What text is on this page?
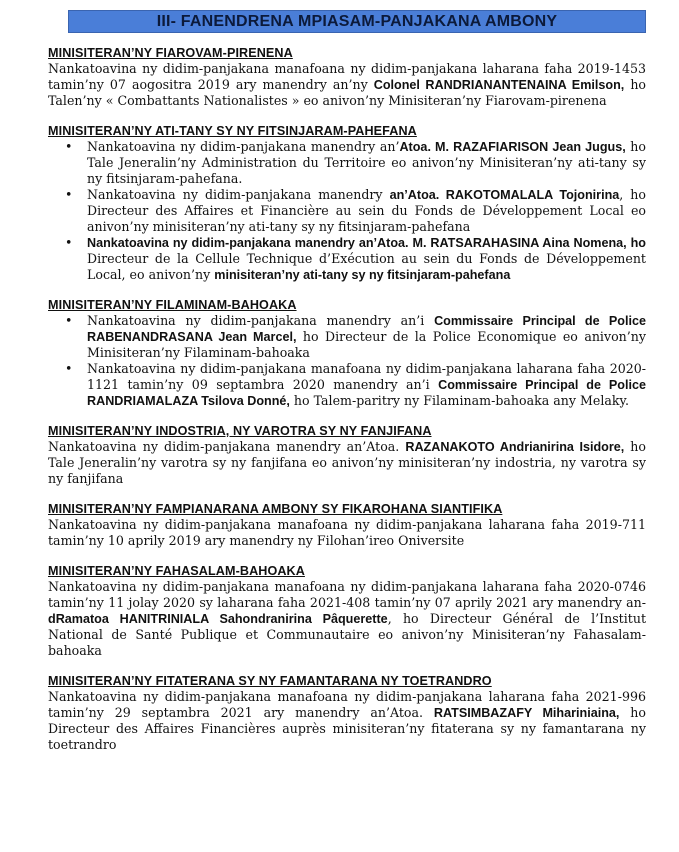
III- FANENDRENA MPIASAM-PANJAKANA AMBONY
MINISITERAN’NY FIAROVAM-PIRENENA
Nankatoavina ny didim-panjakana manafoana ny didim-panjakana laharana faha 2019-1453 tamin’ny 07 aogositra 2019 ary manendry an’ny Colonel RANDRIANANTENAINA Emilson, ho Talen’ny « Combattants Nationalistes » eo anivon’ny Minisiteran’ny Fiarovam-pirenena
MINISITERAN’NY ATI-TANY SY NY FITSINJARAM-PAHEFANA
• Nankatoavina ny didim-panjakana manendry an’Atoa. M. RAZAFIARISON Jean Jugus, ho Tale Jeneralin’ny Administration du Territoire eo anivon’ny Minisiteran’ny ati-tany sy ny fitsinjaram-pahefana.
• Nankatoavina ny didim-panjakana manendry an’Atoa. RAKOTOMALALA Tojonirina, ho Directeur des Affaires et Financière au sein du Fonds de Développement Local eo anivon’ny minisiteran’ny ati-tany sy ny fitsinjaram-pahefana
• Nankatoavina ny didim-panjakana manendry an’Atoa. M. RATSARAHASINA Aina Nomena, ho Directeur de la Cellule Technique d’Exécution au sein du Fonds de Développement Local, eo anivon’ny minisiteran’ny ati-tany sy ny fitsinjaram-pahefana
MINISITERAN’NY FILAMINAM-BAHOAKA
• Nankatoavina ny didim-panjakana manendry an’i Commissaire Principal de Police RABENANDRASANA Jean Marcel, ho Directeur de la Police Economique eo anivon’ny Minisiteran’ny Filaminam-bahoaka
• Nankatoavina ny didim-panjakana manafoana ny didim-panjakana laharana faha 2020-1121 tamin’ny 09 septambra 2020 manendry an’i Commissaire Principal de Police RANDRIAMALAZA Tsilova Donné, ho Talem-paritry ny Filaminam-bahoaka any Melaky.
MINISITERAN’NY INDOSTRIA, NY VAROTRA SY NY FANJIFANA
Nankatoavina ny didim-panjakana manendry an’Atoa. RAZANAKOTO Andrianirina Isidore, ho Tale Jeneralin’ny varotra sy ny fanjifana eo anivon’ny minisiteran’ny indostria, ny varotra sy ny fanjifana
MINISITERAN’NY FAMPIANARANA AMBONY SY FIKAROHANA SIANTIFIKA
Nankatoavina ny didim-panjakana manafoana ny didim-panjakana laharana faha 2019-711 tamin’ny 10 aprily 2019 ary manendry ny Filohan’ireo Oniversite
MINISITERAN’NY FAHASALAM-BAHOAKA
Nankatoavina ny didim-panjakana manafoana ny didim-panjakana laharana faha 2020-0746 tamin’ny 11 jolay 2020 sy laharana faha 2021-408 tamin’ny 07 aprily 2021 ary manendry an-dRamatoa HANITRINIALA Sahondranirina Pâquerette, ho Directeur Général de l’Institut National de Santé Publique et Communautaire eo anivon’ny Minisiteran’ny Fahasalam-bahoaka
MINISITERAN’NY FITATERANA SY NY FAMANTARANA NY TOETRANDRO
Nankatoavina ny didim-panjakana manafoana ny didim-panjakana laharana faha 2021-996 tamin’ny 29 septambra 2021 ary manendry an’Atoa. RATSIMBAZAFY Mihariniaina, ho Directeur des Affaires Financières auprès minisiteran’ny fitaterana sy ny famantarana ny toetrandro
